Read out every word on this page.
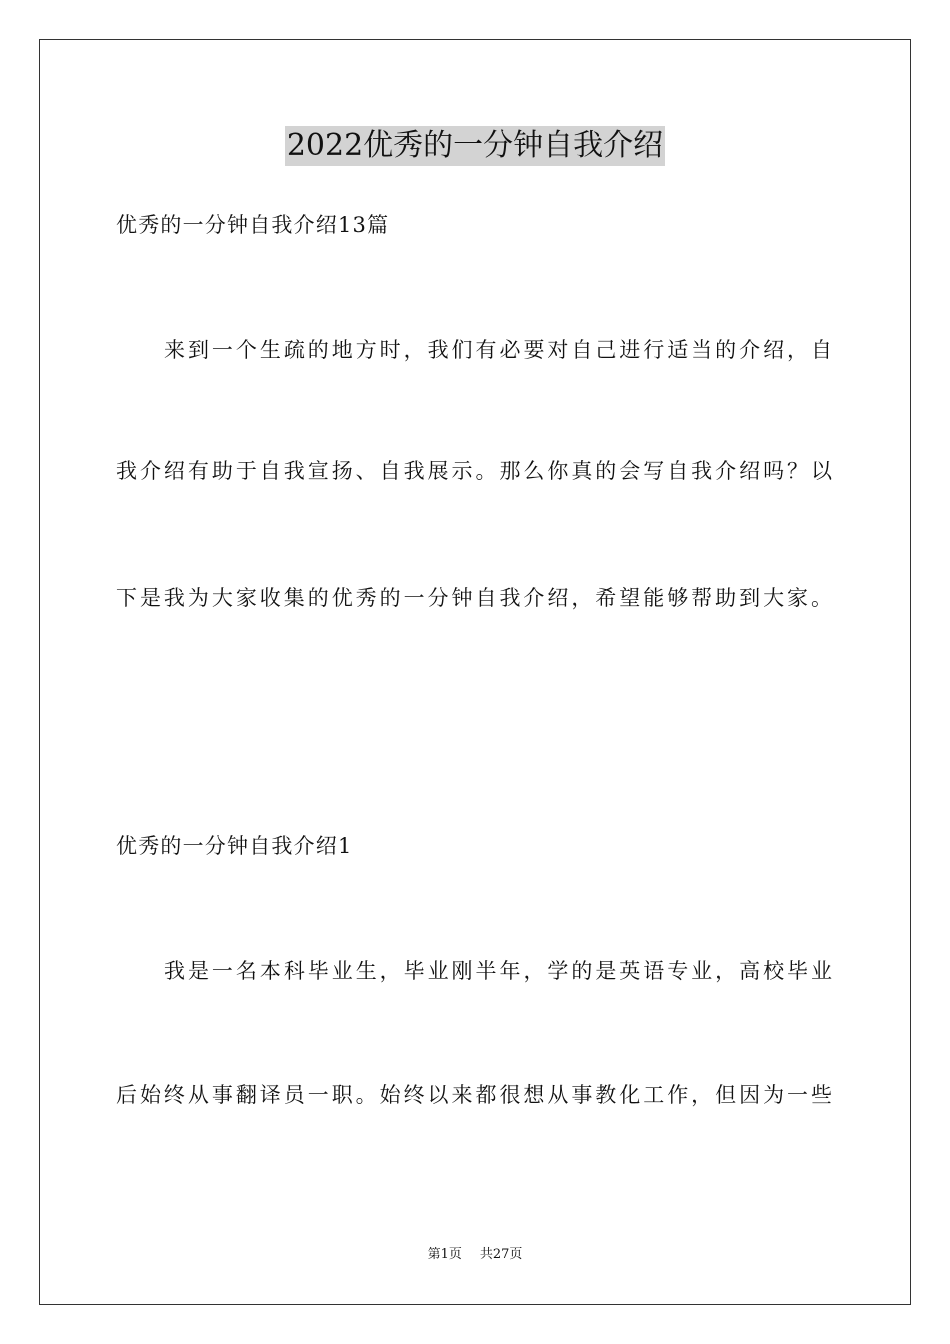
2022优秀的一分钟自我介绍
优秀的一分钟自我介绍13篇
来到一个生疏的地方时，我们有必要对自己进行适当的介绍，自
我介绍有助于自我宣扬、自我展示。那么你真的会写自我介绍吗？以
下是我为大家收集的优秀的一分钟自我介绍，希望能够帮助到大家。
优秀的一分钟自我介绍1
我是一名本科毕业生，毕业刚半年，学的是英语专业，高校毕业
后始终从事翻译员一职。始终以来都很想从事教化工作，但因为一些
第1页 共27页
